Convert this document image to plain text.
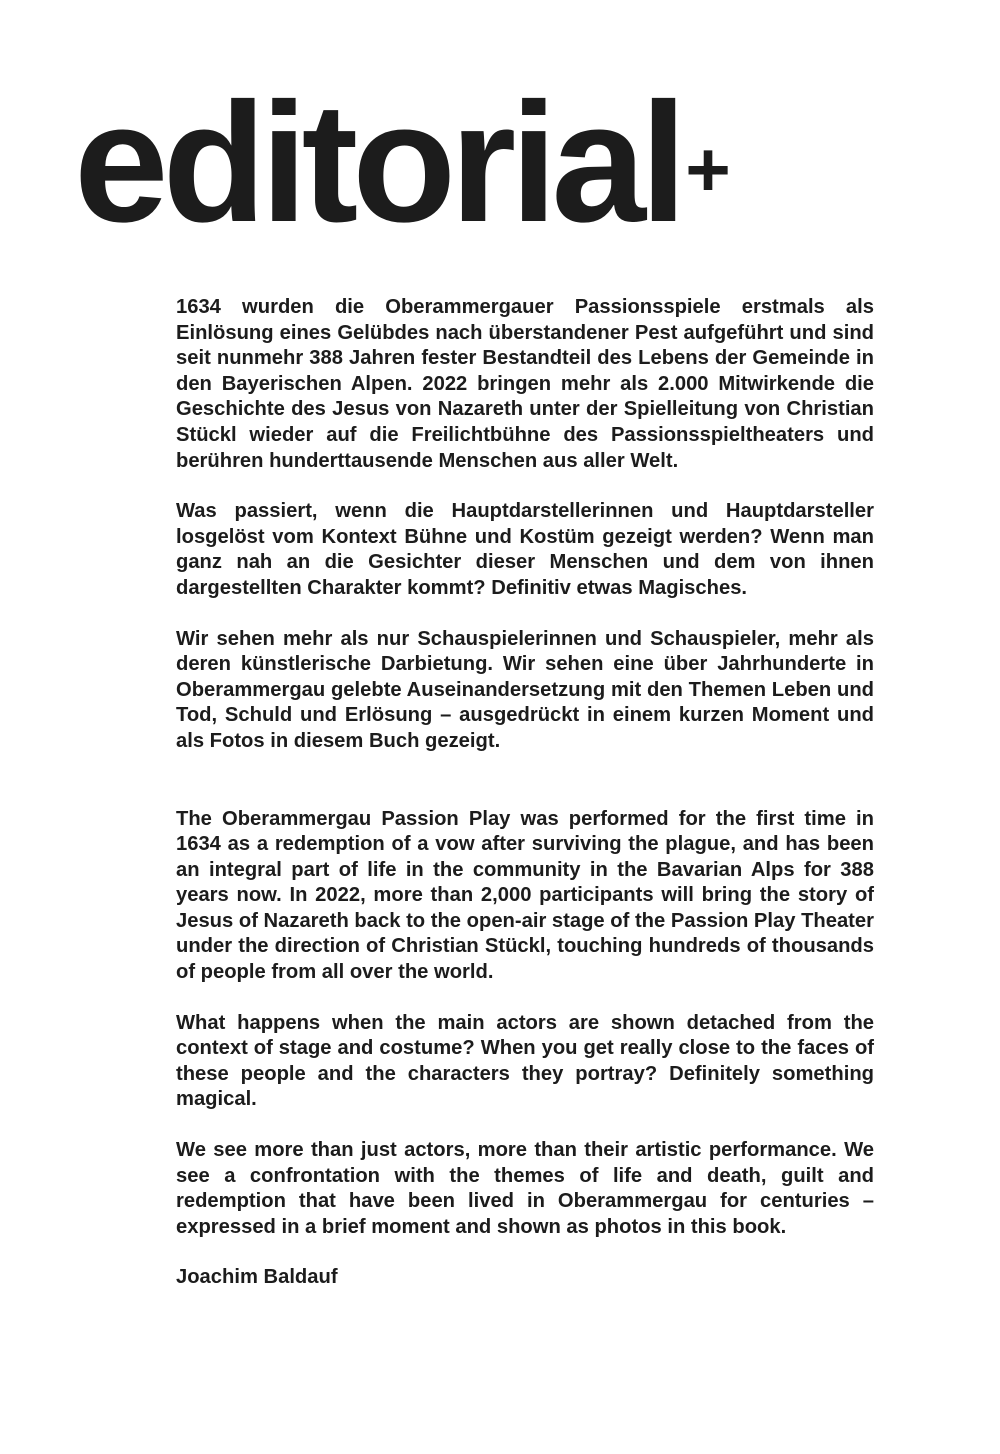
editorial+

1634 wurden die Oberammergauer Passionsspiele erstmals als Einlösung eines Gelübdes nach überstandener Pest aufgeführt und sind seit nunmehr 388 Jahren fester Bestandteil des Lebens der Gemeinde in den Bayerischen Alpen. 2022 bringen mehr als 2.000 Mitwirkende die Geschichte des Jesus von Nazareth unter der Spielleitung von Christian Stückl wieder auf die Freilichtbühne des Passionsspieltheaters und berühren hunderttausende Menschen aus aller Welt.

Was passiert, wenn die Hauptdarstellerinnen und Hauptdarsteller losgelöst vom Kontext Bühne und Kostüm gezeigt werden? Wenn man ganz nah an die Gesichter dieser Menschen und dem von ihnen dargestellten Charakter kommt? Definitiv etwas Magisches.

Wir sehen mehr als nur Schauspielerinnen und Schauspieler, mehr als deren künstlerische Darbietung. Wir sehen eine über Jahrhunderte in Oberammergau gelebte Auseinandersetzung mit den Themen Leben und Tod, Schuld und Erlösung – ausgedrückt in einem kurzen Moment und als Fotos in diesem Buch gezeigt.

The Oberammergau Passion Play was performed for the first time in 1634 as a redemption of a vow after surviving the plague, and has been an integral part of life in the community in the Bavarian Alps for 388 years now. In 2022, more than 2,000 participants will bring the story of Jesus of Nazareth back to the open-air stage of the Passion Play Theater under the direction of Christian Stückl, touching hundreds of thousands of people from all over the world.

What happens when the main actors are shown detached from the context of stage and costume? When you get really close to the faces of these people and the characters they portray? Definitely something magical.

We see more than just actors, more than their artistic performance. We see a confrontation with the themes of life and death, guilt and redemption that have been lived in Oberammergau for centuries – expressed in a brief moment and shown as photos in this book.

Joachim Baldauf
